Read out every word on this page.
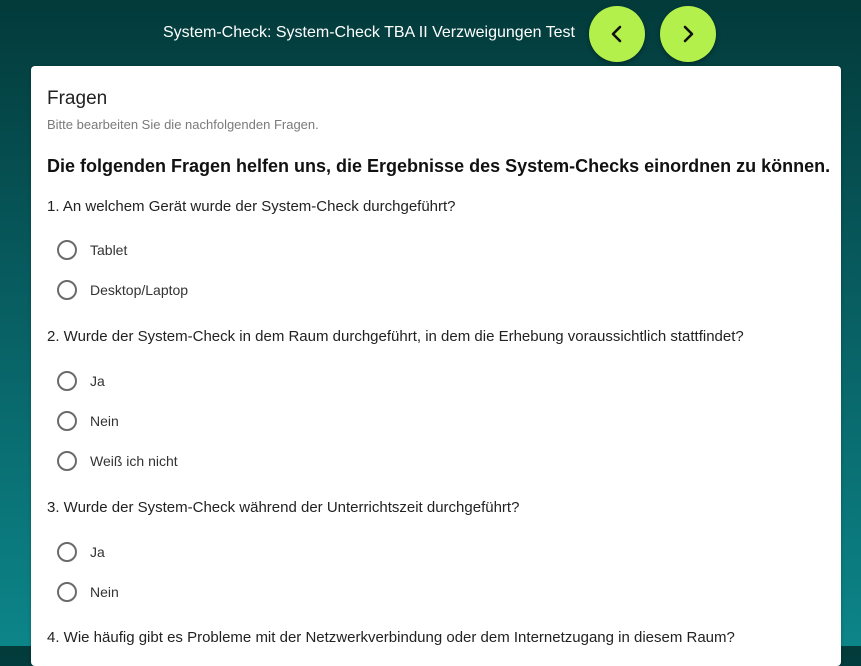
System-Check: System-Check TBA II Verzweigungen Test
Fragen
Bitte bearbeiten Sie die nachfolgenden Fragen.
Die folgenden Fragen helfen uns, die Ergebnisse des System-Checks einordnen zu können.
1. An welchem Gerät wurde der System-Check durchgeführt?
Tablet
Desktop/Laptop
2. Wurde der System-Check in dem Raum durchgeführt, in dem die Erhebung voraussichtlich stattfindet?
Ja
Nein
Weiß ich nicht
3. Wurde der System-Check während der Unterrichtszeit durchgeführt?
Ja
Nein
4. Wie häufig gibt es Probleme mit der Netzwerkverbindung oder dem Internetzugang in diesem Raum?
